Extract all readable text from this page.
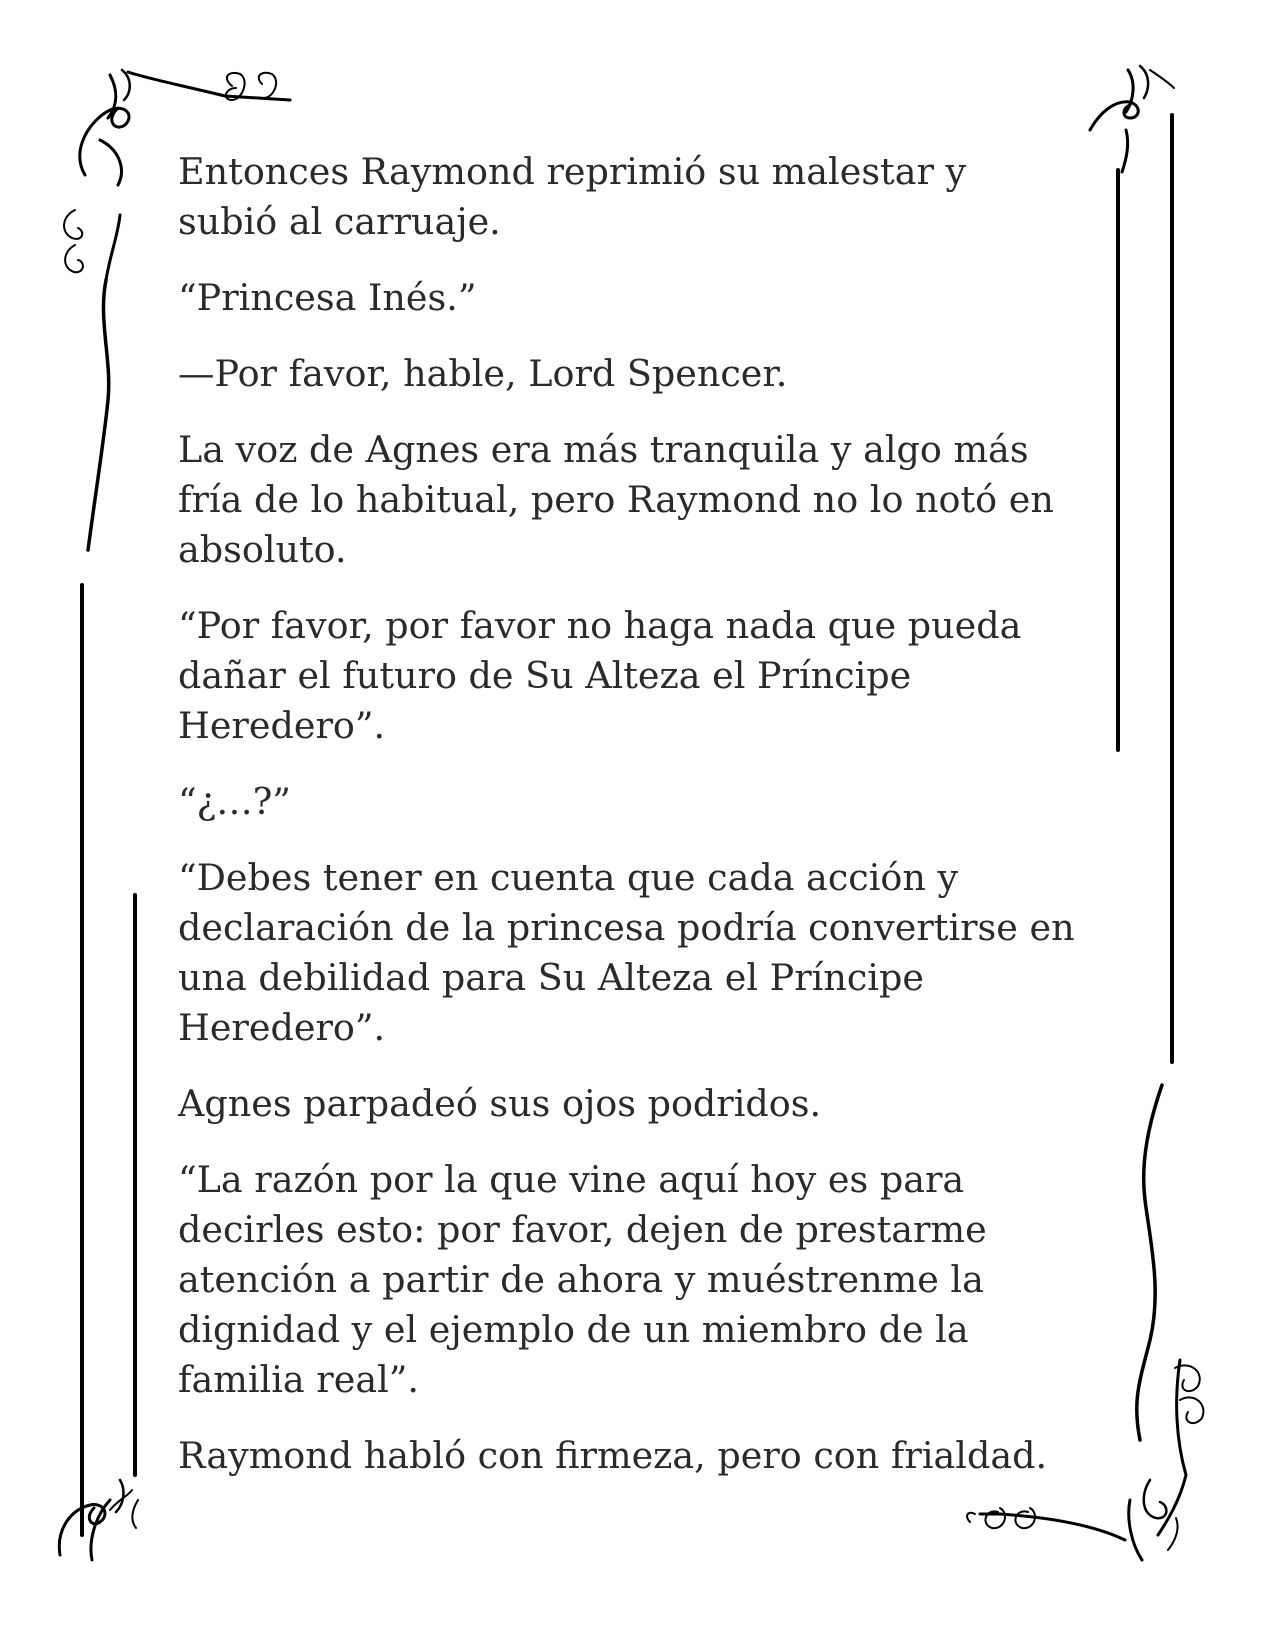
Entonces Raymond reprimió su malestar y
subió al carruaje.

“Princesa Inés.”

—Por favor, hable, Lord Spencer.

La voz de Agnes era más tranquila y algo más
fría de lo habitual, pero Raymond no lo notó en
absoluto.

“Por favor, por favor no haga nada que pueda
dañar el futuro de Su Alteza el Príncipe
Heredero”.

“¿…?”

“Debes tener en cuenta que cada acción y
declaración de la princesa podría convertirse en
una debilidad para Su Alteza el Príncipe
Heredero”.

Agnes parpadeó sus ojos podridos.

“La razón por la que vine aquí hoy es para
decirles esto: por favor, dejen de prestarme
atención a partir de ahora y muéstrenme la
dignidad y el ejemplo de un miembro de la
familia real”.

Raymond habló con firmeza, pero con frialdad.
